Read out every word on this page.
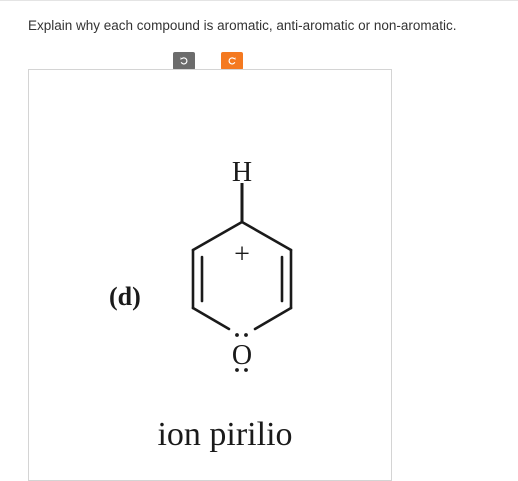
Explain why each compound is aromatic, anti-aromatic or non-aromatic.
(d)
H
+
O
ion pirilio
